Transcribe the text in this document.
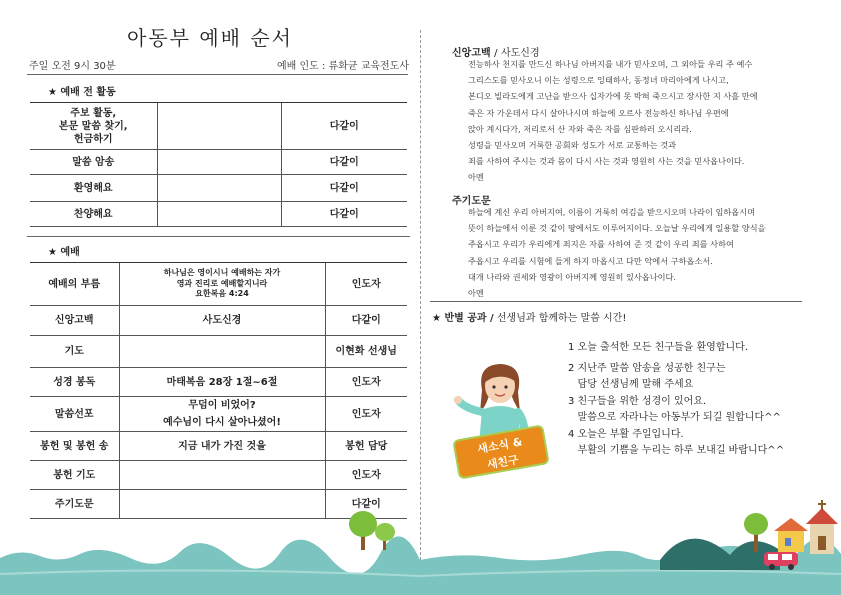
아동부 예배 순서
주일 오전 9시 30분	예배 인도 : 류화균 교육전도사
★ 예배 전 활동
주보 활동,
본문 말씀 찾기,
헌금하기		다같이
말씀 암송		다같이
환영해요		다같이
찬양해요		다같이
★ 예배
예배의 부름	하나님은 영이시니 예배하는 자가
영과 진리로 예배할지니라
요한복음 4:24	인도자
신앙고백	사도신경	다같이
기도		이현화 선생님
성경 봉독	마태복음 28장 1절~6절	인도자
말씀선포	무덤이 비었어?
예수님이 다시 살아나셨어!	인도자
봉헌 및 봉헌 송	지금 내가 가진 것을	봉헌 담당
봉헌 기도		인도자
주기도문		다같이
신앙고백 / 사도신경
전능하사 천지를 만드신 하나님 아버지를 내가 믿사오며, 그 외아들 우리 주 예수
그리스도를 믿사오니 이는 성령으로 잉태하사, 동정녀 마리아에게 나시고,
본디오 빌라도에게 고난을 받으사 십자가에 못 박혀 죽으시고 장사한 지 사흘 만에
죽은 자 가운데서 다시 살아나시며 하늘에 오르사 전능하신 하나님 우편에
앉아 계시다가, 저리로서 산 자와 죽은 자를 심판하러 오시리라.
성령을 믿사오며 거룩한 공회와 성도가 서로 교통하는 것과
죄를 사하여 주시는 것과 몸이 다시 사는 것과 영원히 사는 것을 믿사옵나이다.
아멘
주기도문
하늘에 계신 우리 아버지여, 이름이 거룩히 여김을 받으시오며 나라이 임하옵시며
뜻이 하늘에서 이룬 것 같이 땅에서도 이루어지이다. 오늘날 우리에게 일용할 양식을
주옵시고 우리가 우리에게 죄지은 자를 사하여 준 것 같이 우리 죄를 사하여
주옵시고 우리를 시험에 들게 하지 마옵시고 다만 악에서 구하옵소서.
대개 나라와 권세와 영광이 아버지께 영원히 있사옵나이다.
아멘
★ 반별 공과 / 선생님과 함께하는 말씀 시간!
1 오늘 출석한 모든 친구들을 환영합니다.
2 지난주 말씀 암송을 성공한 친구는
담당 선생님께 말해 주세요
3 친구들을 위한 성경이 있어요.
말씀으로 자라나는 아동부가 되길 원합니다^^
4 오늘은 부활 주일입니다.
부활의 기쁨을 누리는 하루 보내길 바랍니다^^
새소식 &
새친구
